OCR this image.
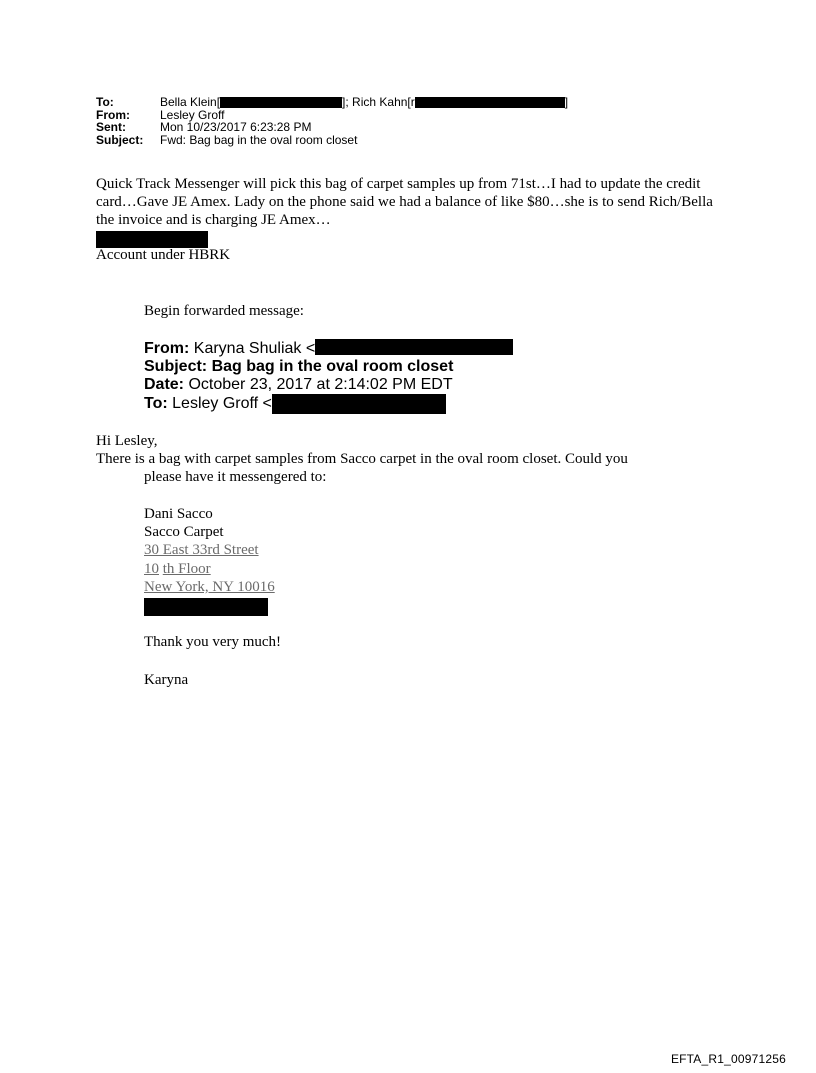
To:	Bella Klein[	]; Rich Kahn[r	]
From:	Lesley Groff
Sent:	Mon 10/23/2017 6:23:28 PM
Subject: Fwd: Bag bag in the oval room closet

Quick Track Messenger will pick this bag of carpet samples up from 71st…I had to update the credit card…Gave JE Amex. Lady on the phone said we had a balance of like $80…she is to send Rich/Bella the invoice and is charging JE Amex…

Account under HBRK
Begin forwarded message:
From: Karyna Shuliak <
Subject: Bag bag in the oval room closet
Date: October 23, 2017 at 2:14:02 PM EDT
To: Lesley Groff <
Hi Lesley,
There is a bag with carpet samples from Sacco carpet in the oval room closet. Could you
please have it messengered to:
Dani Sacco
Sacco Carpet
30 East 33rd Street
10 th Floor
New York, NY 10016
Thank you very much!
Karyna
EFTA_R1_00971256
